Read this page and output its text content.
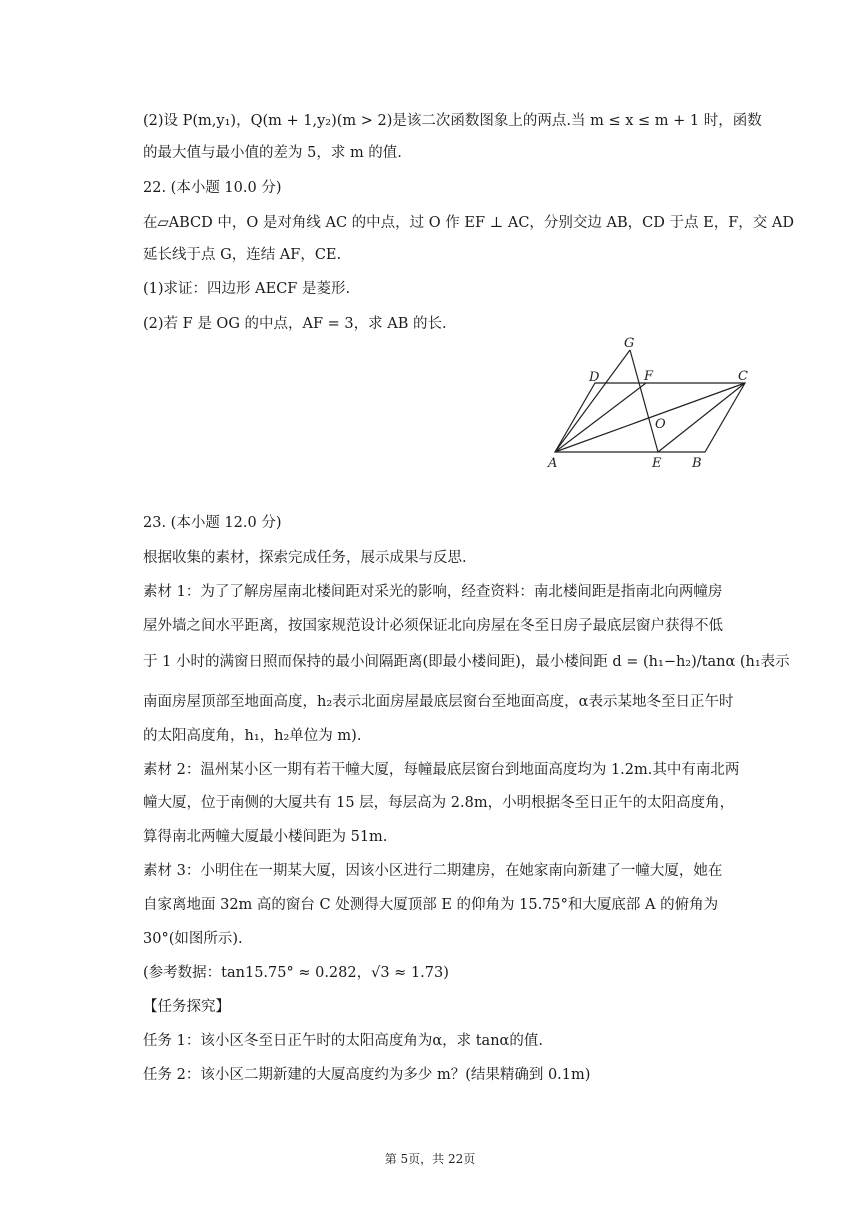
(2)设 P(m,y₁)，Q(m + 1,y₂)(m > 2)是该二次函数图象上的两点.当 m ≤ x ≤ m + 1 时，函数
的最大值与最小值的差为 5，求 m 的值.
22. (本小题 10.0 分)
在▱ABCD 中，O 是对角线 AC 的中点，过 O 作 EF ⊥ AC，分别交边 AB，CD 于点 E，F，交 AD
延长线于点 G，连结 AF，CE.
(1)求证：四边形 AECF 是菱形.
(2)若 F 是 OG 的中点，AF = 3，求 AB 的长.
G
D	F	C
O
A	E B
23. (本小题 12.0 分)
根据收集的素材，探索完成任务，展示成果与反思.
素材 1：为了了解房屋南北楼间距对采光的影响，经查资料：南北楼间距是指南北向两幢房
屋外墙之间水平距离，按国家规范设计必须保证北向房屋在冬至日房子最底层窗户获得不低
于 1 小时的满窗日照而保持的最小间隔距离(即最小楼间距)，最小楼间距 d = (h₁−h₂)/tanα (h₁表示
南面房屋顶部至地面高度，h₂表示北面房屋最底层窗台至地面高度，α表示某地冬至日正午时
的太阳高度角，h₁，h₂单位为 m).
素材 2：温州某小区一期有若干幢大厦，每幢最底层窗台到地面高度均为 1.2m.其中有南北两
幢大厦，位于南侧的大厦共有 15 层，每层高为 2.8m，小明根据冬至日正午的太阳高度角，
算得南北两幢大厦最小楼间距为 51m.
素材 3：小明住在一期某大厦，因该小区进行二期建房，在她家南向新建了一幢大厦，她在
自家离地面 32m 高的窗台 C 处测得大厦顶部 E 的仰角为 15.75°和大厦底部 A 的俯角为
30°(如图所示).
(参考数据：tan15.75° ≈ 0.282，√3 ≈ 1.73)
【任务探究】
任务 1：该小区冬至日正午时的太阳高度角为α，求 tanα的值.
任务 2：该小区二期新建的大厦高度约为多少 m？(结果精确到 0.1m)
第 5页，共 22页
